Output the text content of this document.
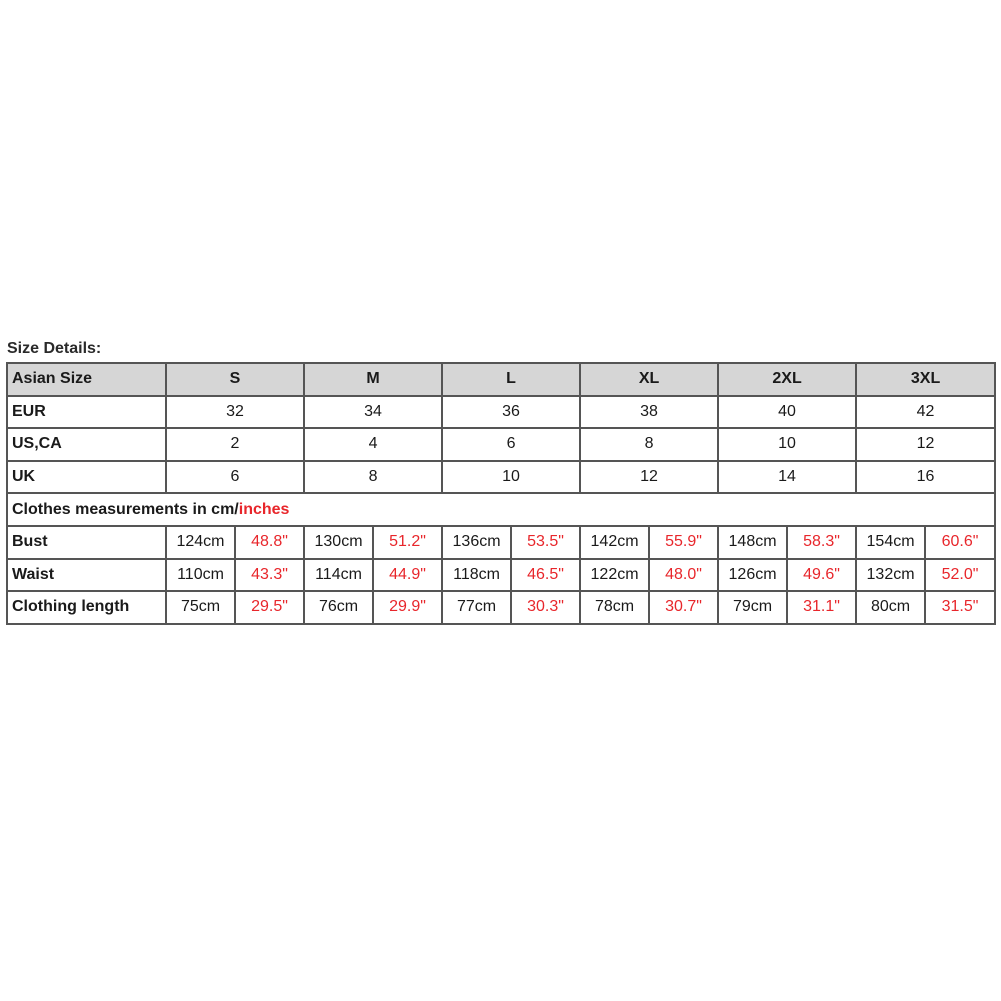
Size Details:
Asian Size	S		M		L		XL		2XL		3XL	
EUR	32		34		36		38		40		42	
US,CA	2		4		6		8		10		12	
UK	6		8		10		12		14		16	
Clothes measurements in cm/inches												
Bust	124cm	48.8"	130cm	51.2"	136cm	53.5"	142cm	55.9"	148cm	58.3"	154cm	60.6"
Waist	110cm	43.3"	114cm	44.9"	118cm	46.5"	122cm	48.0"	126cm	49.6"	132cm	52.0"
Clothing length	75cm	29.5"	76cm	29.9"	77cm	30.3"	78cm	30.7"	79cm	31.1"	80cm	31.5"
